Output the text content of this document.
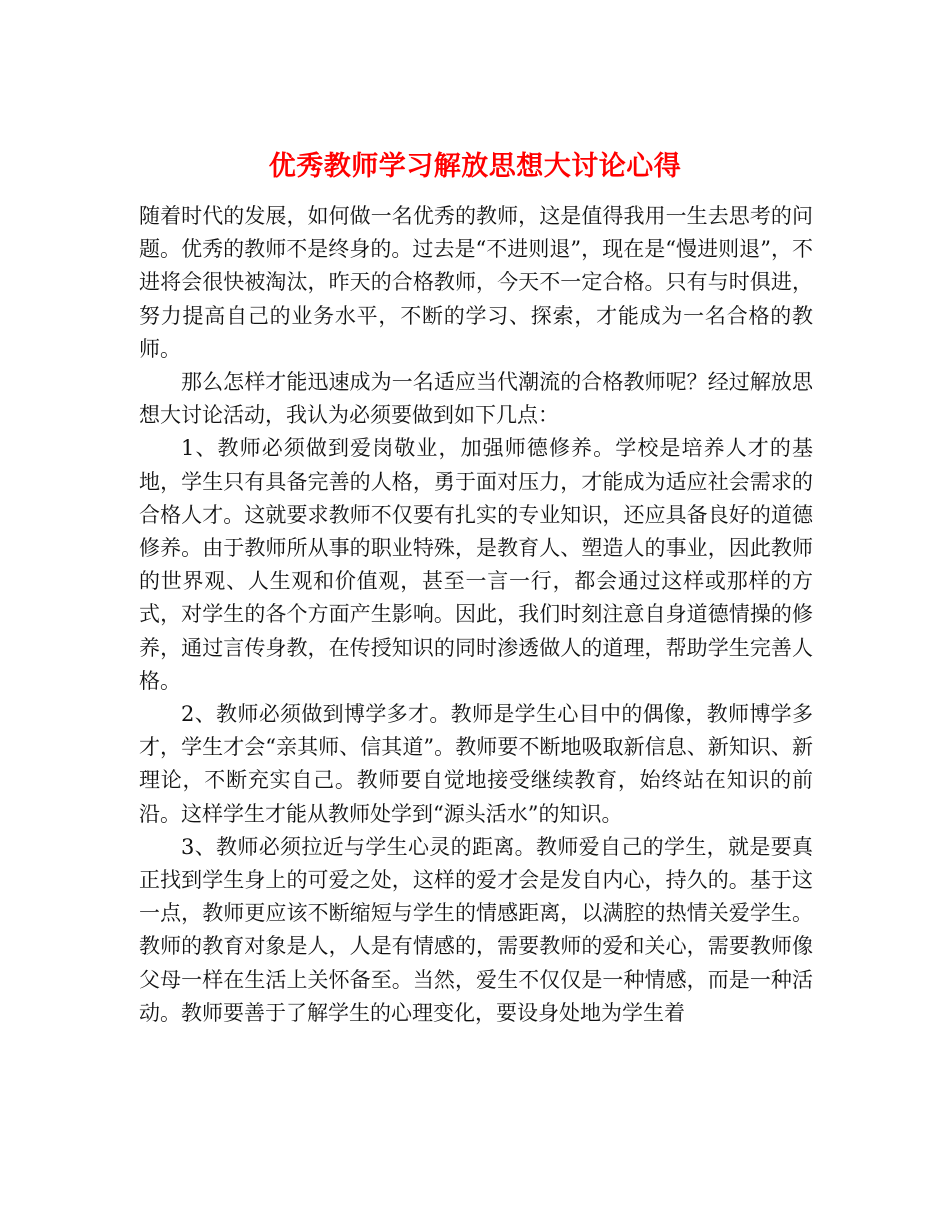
优秀教师学习解放思想大讨论心得

随着时代的发展，如何做一名优秀的教师，这是值得我用一生去思考的问题。优秀的教师不是终身的。过去是“不进则退”，现在是“慢进则退”，不进将会很快被淘汰，昨天的合格教师，今天不一定合格。只有与时俱进，努力提高自己的业务水平，不断的学习、探索，才能成为一名合格的教师。

那么怎样才能迅速成为一名适应当代潮流的合格教师呢？经过解放思想大讨论活动，我认为必须要做到如下几点：

1、教师必须做到爱岗敬业，加强师德修养。学校是培养人才的基地，学生只有具备完善的人格，勇于面对压力，才能成为适应社会需求的合格人才。这就要求教师不仅要有扎实的专业知识，还应具备良好的道德修养。由于教师所从事的职业特殊，是教育人、塑造人的事业，因此教师的世界观、人生观和价值观，甚至一言一行，都会通过这样或那样的方式，对学生的各个方面产生影响。因此，我们时刻注意自身道德情操的修养，通过言传身教，在传授知识的同时渗透做人的道理，帮助学生完善人格。

2、教师必须做到博学多才。教师是学生心目中的偶像，教师博学多才，学生才会“亲其师、信其道”。教师要不断地吸取新信息、新知识、新理论，不断充实自己。教师要自觉地接受继续教育，始终站在知识的前沿。这样学生才能从教师处学到“源头活水”的知识。

3、教师必须拉近与学生心灵的距离。教师爱自己的学生，就是要真正找到学生身上的可爱之处，这样的爱才会是发自内心，持久的。基于这一点，教师更应该不断缩短与学生的情感距离，以满腔的热情关爱学生。教师的教育对象是人，人是有情感的，需要教师的爱和关心，需要教师像父母一样在生活上关怀备至。当然，爱生不仅仅是一种情感，而是一种活动。教师要善于了解学生的心理变化，要设身处地为学生着
